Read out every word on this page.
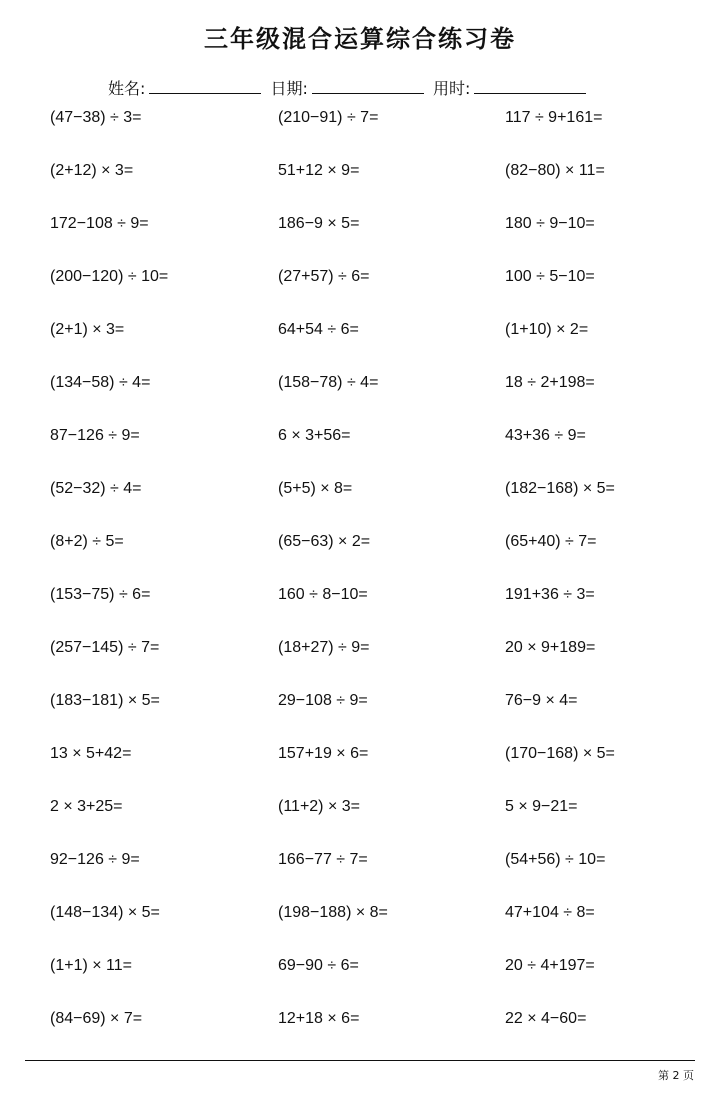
三年级混合运算综合练习卷
姓名:	日期:	用时:
(47−38) ÷ 3=	(210−91) ÷ 7=	117 ÷ 9+161=
(2+12) × 3=	51+12 × 9=	(82−80) × 11=
172−108 ÷ 9=	186−9 × 5=	180 ÷ 9−10=
(200−120) ÷ 10=	(27+57) ÷ 6=	100 ÷ 5−10=
(2+1) × 3=	64+54 ÷ 6=	(1+10) × 2=
(134−58) ÷ 4=	(158−78) ÷ 4=	18 ÷ 2+198=
87−126 ÷ 9=	6 × 3+56=	43+36 ÷ 9=
(52−32) ÷ 4=	(5+5) × 8=	(182−168) × 5=
(8+2) ÷ 5=	(65−63) × 2=	(65+40) ÷ 7=
(153−75) ÷ 6=	160 ÷ 8−10=	191+36 ÷ 3=
(257−145) ÷ 7=	(18+27) ÷ 9=	20 × 9+189=
(183−181) × 5=	29−108 ÷ 9=	76−9 × 4=
13 × 5+42=	157+19 × 6=	(170−168) × 5=
2 × 3+25=	(11+2) × 3=	5 × 9−21=
92−126 ÷ 9=	166−77 ÷ 7=	(54+56) ÷ 10=
(148−134) × 5=	(198−188) × 8=	47+104 ÷ 8=
(1+1) × 11=	69−90 ÷ 6=	20 ÷ 4+197=
(84−69) × 7=	12+18 × 6=	22 × 4−60=
第 2 页
